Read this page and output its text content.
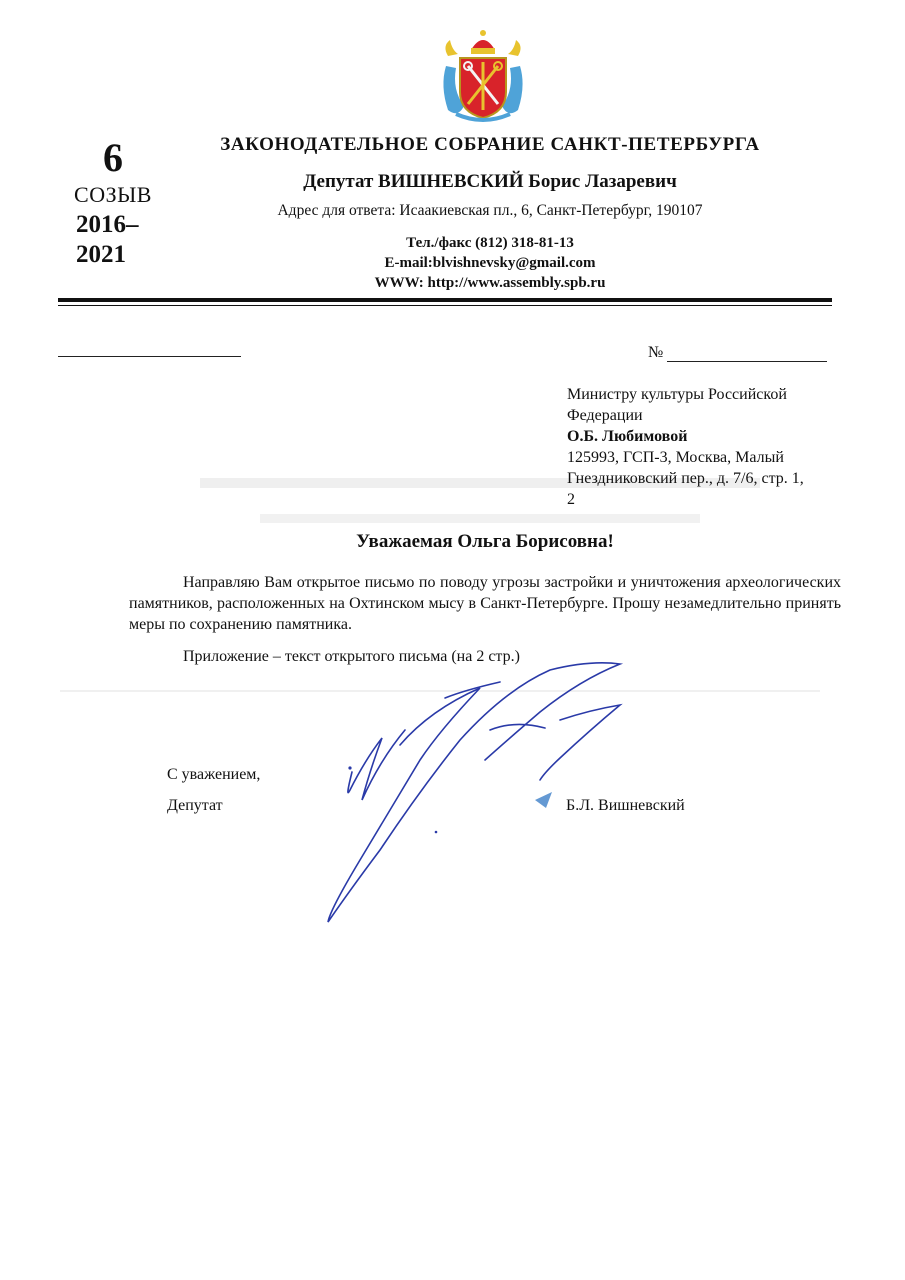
6
СОЗЫВ
2016–
2021
ЗАКОНОДАТЕЛЬНОЕ СОБРАНИЕ САНКТ-ПЕТЕРБУРГА
Депутат ВИШНЕВСКИЙ Борис Лазаревич
Адрес для ответа: Исаакиевская пл., 6, Санкт-Петербург, 190107
Тел./факс (812) 318-81-13
E-mail:blvishnevsky@gmail.com
WWW: http://www.assembly.spb.ru
№
Министру культуры Российской
Федерации
О.Б. Любимовой
125993, ГСП-3, Москва, Малый
Гнездниковский пер., д. 7/6, стр. 1,
2
Уважаемая Ольга Борисовна!
Направляю Вам открытое письмо по поводу угрозы застройки и уничтожения археологических памятников, расположенных на Охтинском мысу в Санкт-Петербурге. Прошу незамедлительно принять меры по сохранению памятника.
Приложение – текст открытого письма (на 2 стр.)
С уважением,
Депутат	Б.Л. Вишневский
